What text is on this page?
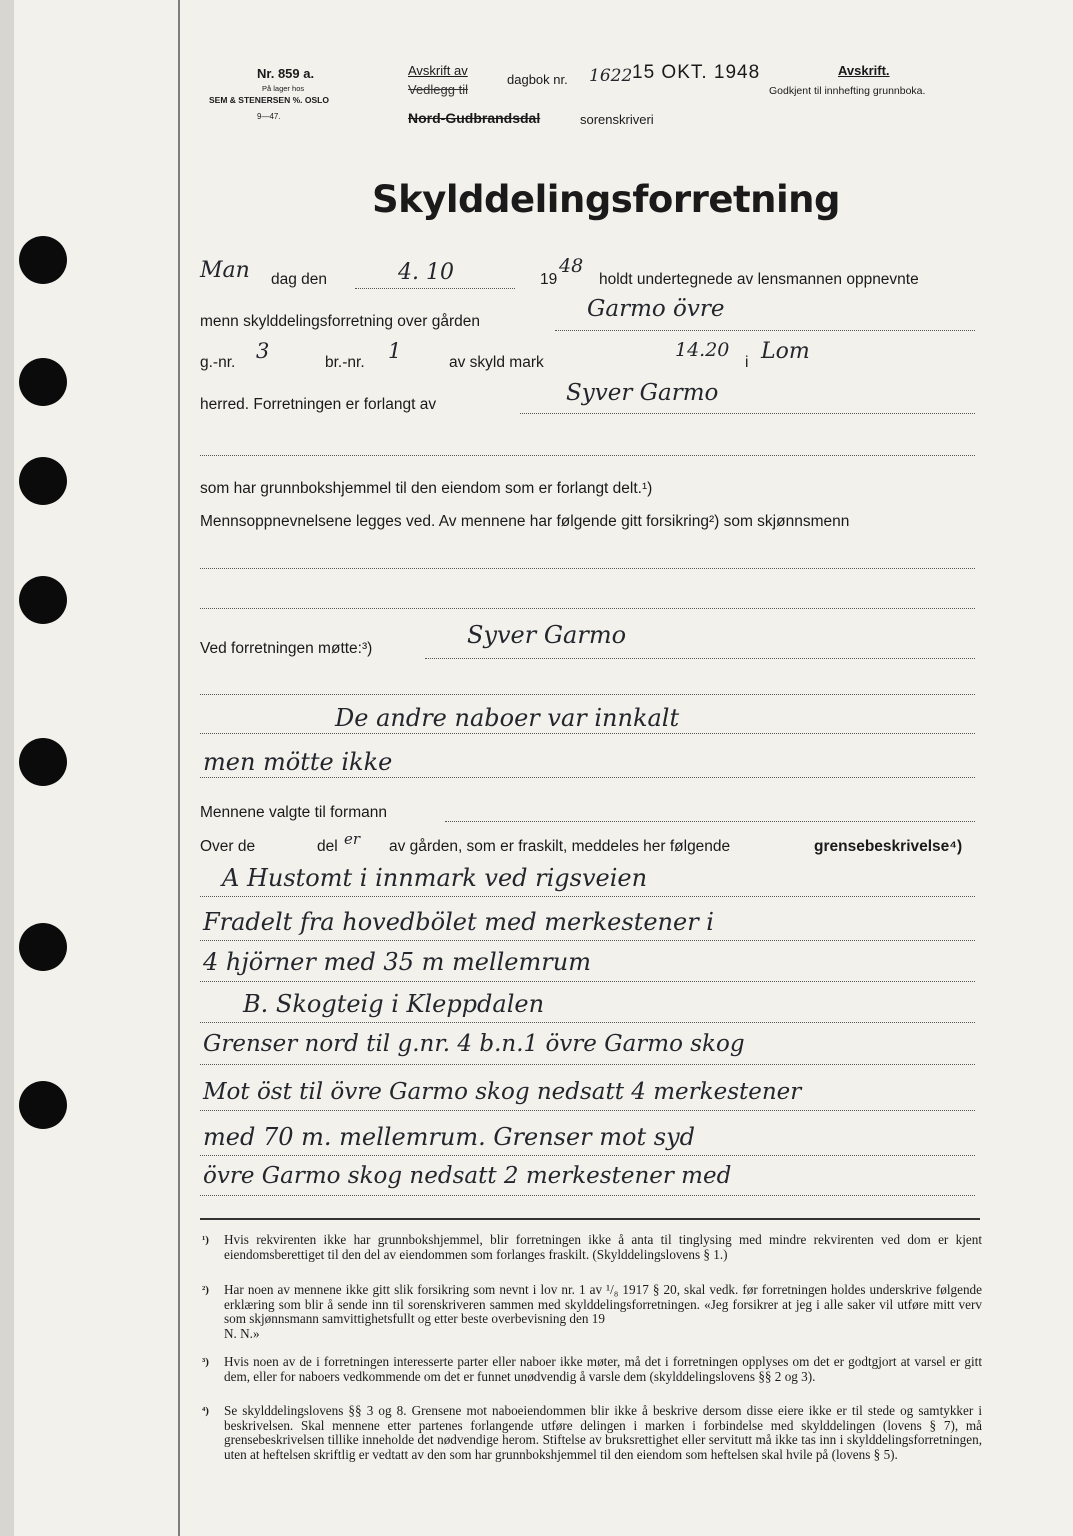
Nr. 859 a.
På lager hos
SEM & STENERSEN %. OSLO
9—47.
Avskrift av
Vedlegg til
dagbok nr. 1622 15 OKT. 1948
Nord-Gudbrandsdal	sorenskriveri
Avskrift.
Godkjent til innhefting grunnboka.
Skylddelingsforretning
Man dag den	4. 10	19
48
holdt undertegnede av lensmannen oppnevnte
menn skylddelingsforretning over gården	Garmo övre
g.-nr. 3	br.-nr. 1	av skyld mark
14.20
i Lom
herred. Forretningen er forlangt av	Syver Garmo
som har grunnbokshjemmel til den eiendom som er forlangt delt.¹)
Mennsoppnevnelsene legges ved. Av mennene har følgende gitt forsikring²) som skjønnsmenn
Ved forretningen møtte:³)	Syver Garmo
De andre naboer var innkalt
men mötte ikke
Mennene valgte til formann
Over de	del er av gården, som er fraskilt, meddeles her følgende	grensebeskrivelse⁴)
A Hustomt i innmark ved rigsveien
Fradelt fra hovedbölet med merkestener i
4 hjörner med 35 m mellemrum
B. Skogteig i Kleppdalen
Grenser nord til g.nr. 4 b.n.1 övre Garmo skog
Mot öst til övre Garmo skog nedsatt 4 merkestener
med 70 m. mellemrum. Grenser mot syd
övre Garmo skog nedsatt 2 merkestener med
¹)	Hvis rekvirenten ikke har grunnbokshjemmel, blir forretningen ikke å anta til tinglysing med mindre rekvirenten ved dom er kjent eiendomsberettiget til den del av eiendommen som forlanges fraskilt. (Skylddelingslovens § 1.)
²)	Har noen av mennene ikke gitt slik forsikring som nevnt i lov nr. 1 av ¹/₈ 1917 § 20, skal vedk. før forretningen holdes underskrive følgende erklæring som blir å sende inn til sorenskriveren sammen med skylddelingsforretningen. «Jeg forsikrer at jeg i alle saker vil utføre mitt verv som skjønnsmann samvittighetsfullt og etter beste overbevisning den 19
N. N.»
³)	Hvis noen av de i forretningen interesserte parter eller naboer ikke møter, må det i forretningen opplyses om det er godtgjort at varsel er gitt dem, eller for naboers vedkommende om det er funnet unødvendig å varsle dem (skylddelingslovens §§ 2 og 3).
⁴)	Se skylddelingslovens §§ 3 og 8. Grensene mot naboeiendommen blir ikke å beskrive dersom disse eiere ikke er til stede og samtykker i beskrivelsen. Skal mennene etter partenes forlangende utføre delingen i marken i forbindelse med skylddelingen (lovens § 7), må grensebeskrivelsen tillike inneholde det nødvendige herom. Stiftelse av bruksrettighet eller servitutt må ikke tas inn i skylddelingsforretningen, uten at heftelsen skriftlig er vedtatt av den som har grunnbokshjemmel til den eiendom som heftelsen skal hvile på (lovens § 5).
